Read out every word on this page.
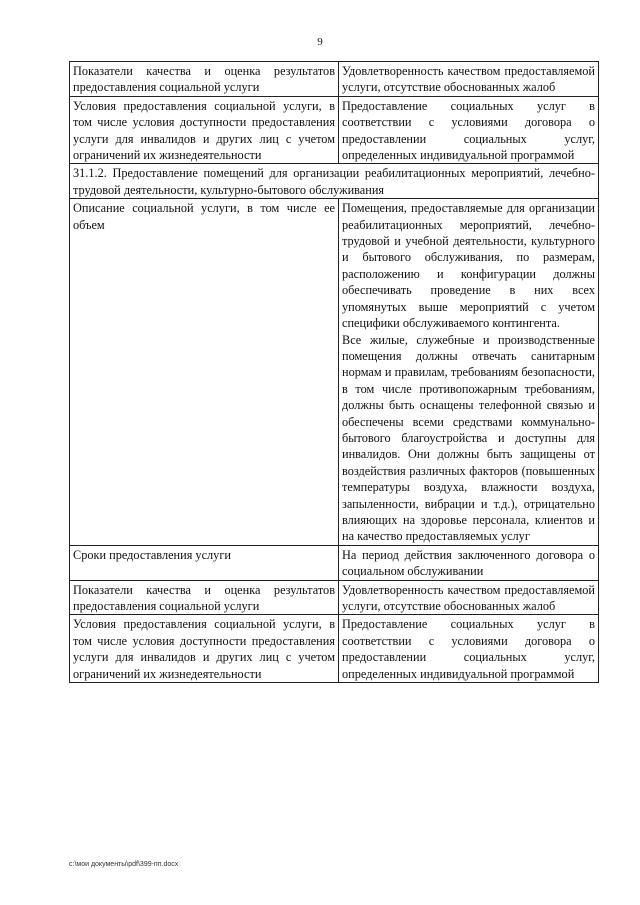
9
Показатели качества и оценка результатов предоставления социальной услуги	Удовлетворенность качеством предоставляемой услуги, отсутствие обоснованных жалоб
Условия предоставления социальной услуги, в том числе условия доступности предоставления услуги для инвалидов и других лиц с учетом ограничений их жизнедеятельности	Предоставление социальных услуг в соответствии с условиями договора о предоставлении социальных услуг, определенных индивидуальной программой
31.1.2. Предоставление помещений для организации реабилитационных мероприятий, лечебно-трудовой деятельности, культурно-бытового обслуживания	
Описание социальной услуги, в том числе ее объем	Помещения, предоставляемые для организации реабилитационных мероприятий, лечебно-трудовой и учебной деятельности, культурного и бытового обслуживания, по размерам, расположению и конфигурации должны обеспечивать проведение в них всех упомянутых выше мероприятий с учетом специфики обслуживаемого контингента.

Все жилые, служебные и производственные помещения должны отвечать санитарным нормам и правилам, требованиям безопасности, в том числе противопожарным требованиям, должны быть оснащены телефонной связью и обеспечены всеми средствами коммунально-бытового благоустройства и доступны для инвалидов. Они должны быть защищены от воздействия различных факторов (повышенных температуры воздуха, влажности воздуха, запыленности, вибрации и т.д.), отрицательно влияющих на здоровье персонала, клиентов и на качество предоставляемых услуг

Сроки предоставления услуги	На период действия заключенного договора о социальном обслуживании
Показатели качества и оценка результатов предоставления социальной услуги	Удовлетворенность качеством предоставляемой услуги, отсутствие обоснованных жалоб
Условия предоставления социальной услуги, в том числе условия доступности предоставления услуги для инвалидов и других лиц с учетом ограничений их жизнедеятельности	Предоставление социальных услуг в соответствии с условиями договора о предоставлении социальных услуг, определенных индивидуальной программой
c:\мои документы\pdf\399-пп.docx
